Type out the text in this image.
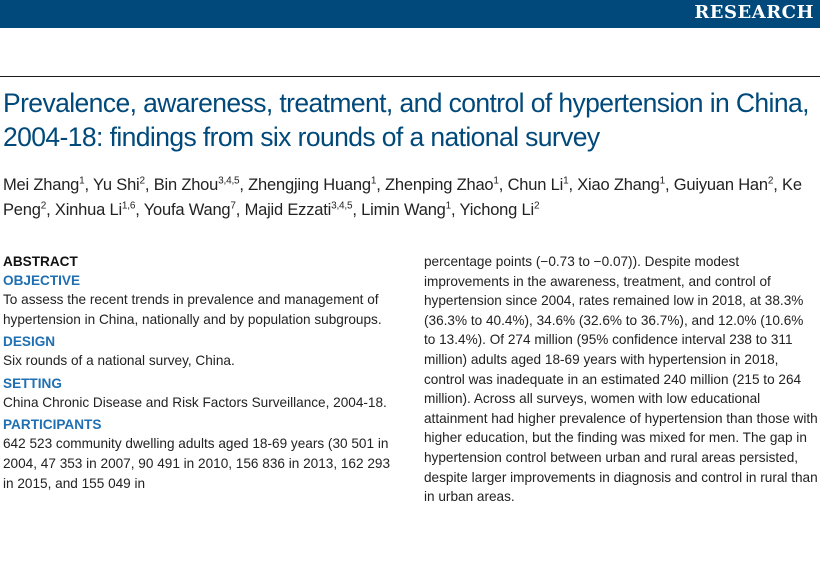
RESEARCH
Prevalence, awareness, treatment, and control of hypertension in China, 2004-18: findings from six rounds of a national survey
Mei Zhang$^1$, Yu Shi$^2$, Bin Zhou$^{3,4,5}$, Zhengjing Huang$^1$, Zhenping Zhao$^1$, Chun Li$^1$, Xiao Zhang$^1$, Guiyuan Han$^2$, Ke Peng$^2$, Xinhua Li$^{1,6}$, Youfa Wang$^7$, Majid Ezzati$^{3,4,5}$, Limin Wang$^1$, Yichong Li$^2$
ABSTRACT
OBJECTIVE

To assess the recent trends in prevalence and management of hypertension in China, nationally and by population subgroups.

DESIGN

Six rounds of a national survey, China.

SETTING

China Chronic Disease and Risk Factors Surveillance, 2004-18.

PARTICIPANTS

642 523 community dwelling adults aged 18-69 years (30 501 in 2004, 47 353 in 2007, 90 491 in 2010, 156 836 in 2013, 162 293 in 2015, and 155 049 in

percentage points (−0.73 to −0.07)). Despite modest improvements in the awareness, treatment, and control of hypertension since 2004, rates remained low in 2018, at 38.3% (36.3% to 40.4%), 34.6% (32.6% to 36.7%), and 12.0% (10.6% to 13.4%). Of 274 million (95% confidence interval 238 to 311 million) adults aged 18-69 years with hypertension in 2018, control was inadequate in an estimated 240 million (215 to 264 million). Across all surveys, women with low educational attainment had higher prevalence of hypertension than those with higher education, but the finding was mixed for men. The gap in hypertension control between urban and rural areas persisted, despite larger improvements in diagnosis and control in rural than in urban areas.
